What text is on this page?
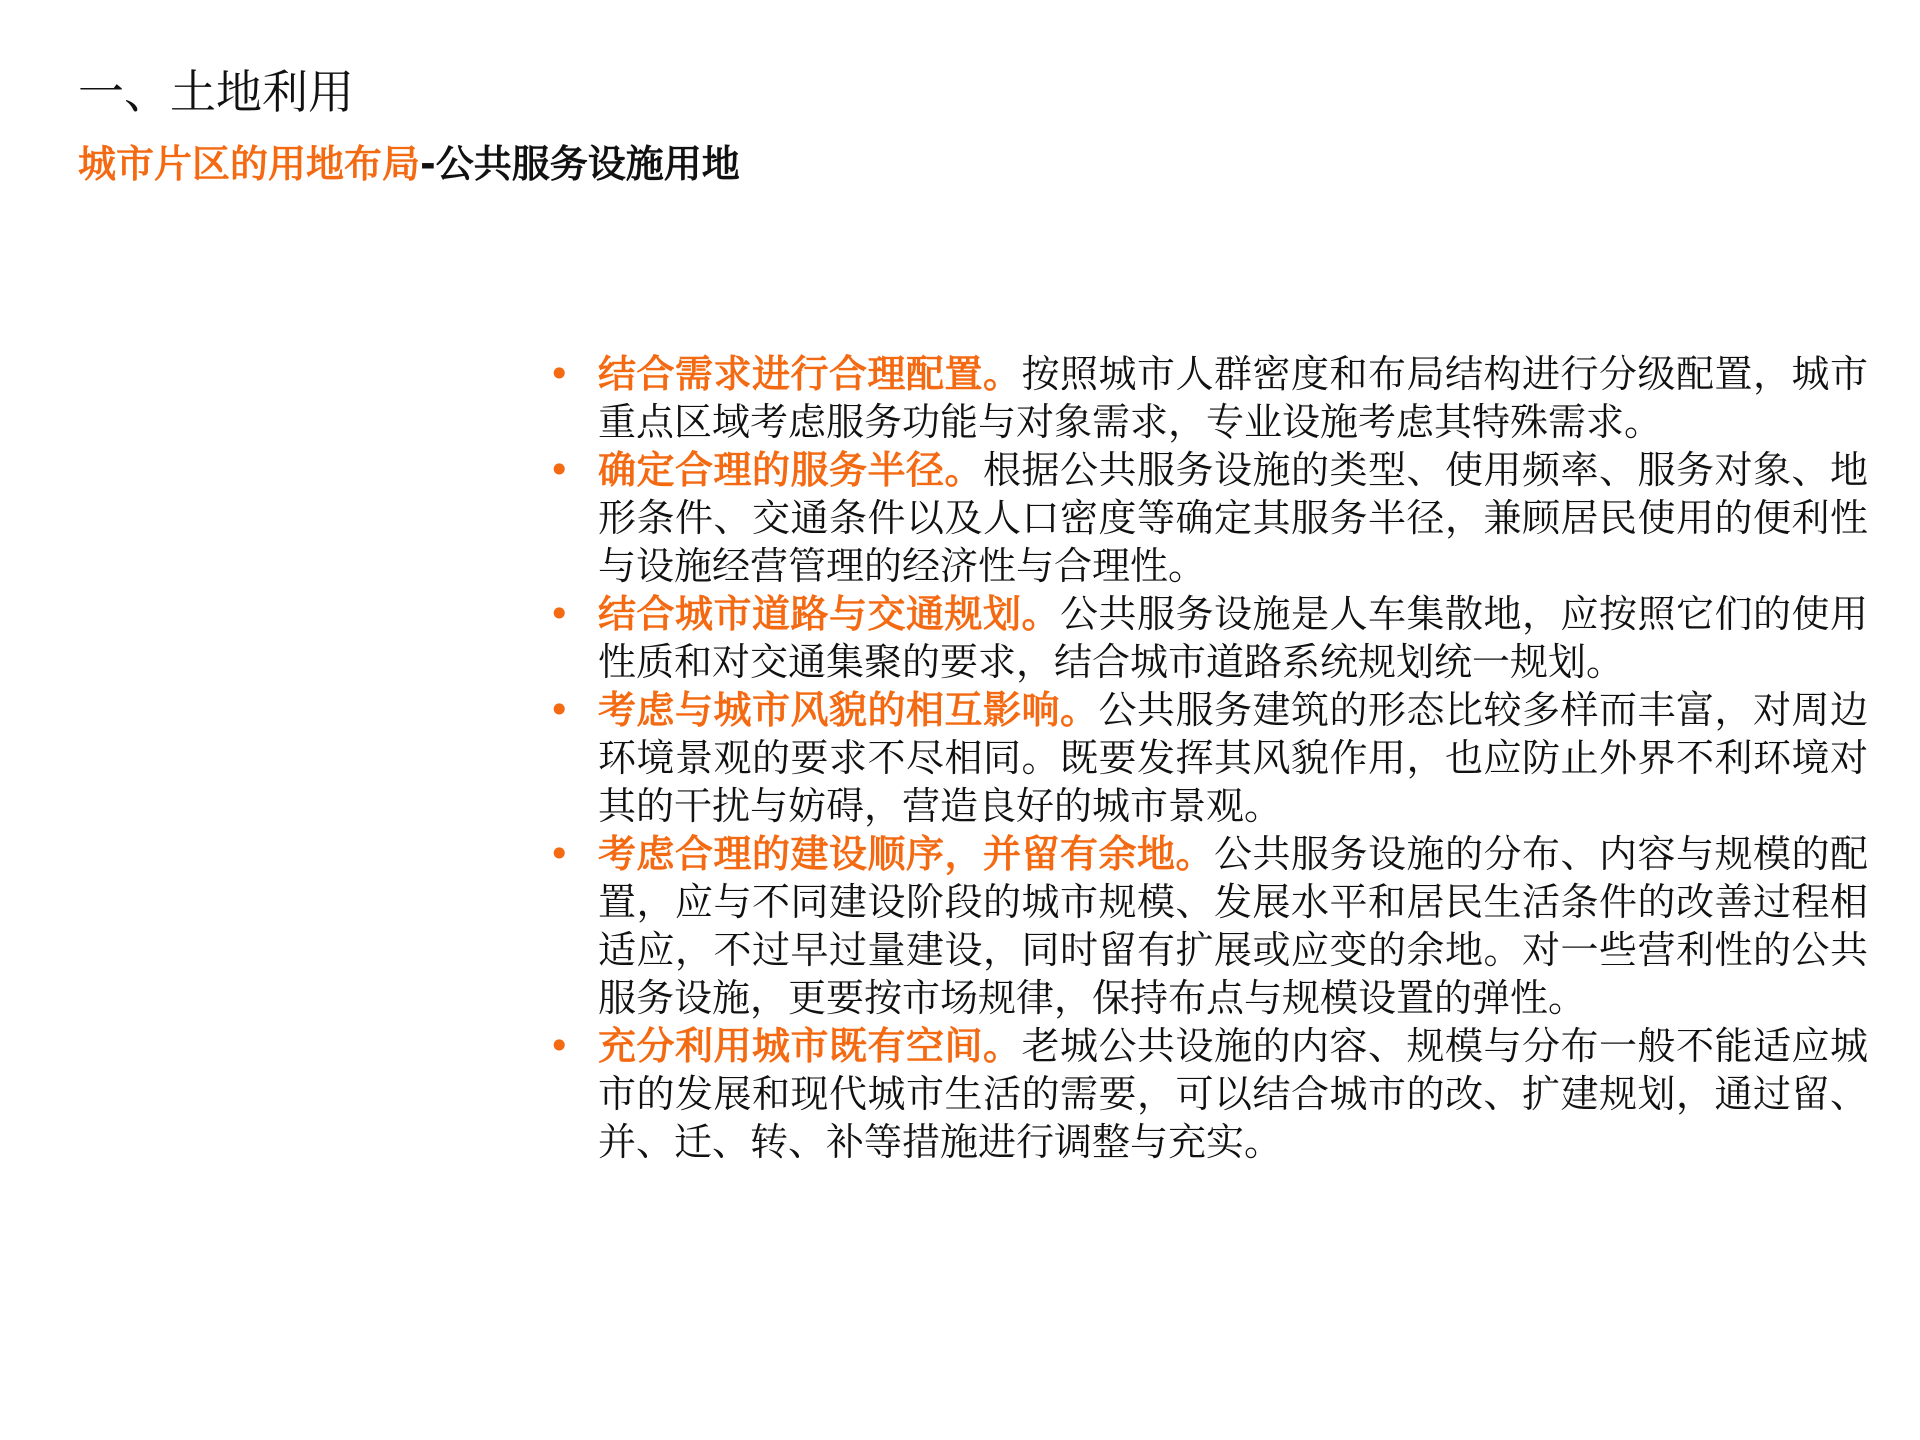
一、土地利用
城市片区的用地布局-公共服务设施用地
• 结合需求进行合理配置。按照城市人群密度和布局结构进行分级配置，城市重点区域考虑服务功能与对象需求，专业设施考虑其特殊需求。
• 确定合理的服务半径。根据公共服务设施的类型、使用频率、服务对象、地形条件、交通条件以及人口密度等确定其服务半径，兼顾居民使用的便利性与设施经营管理的经济性与合理性。
• 结合城市道路与交通规划。公共服务设施是人车集散地，应按照它们的使用性质和对交通集聚的要求，结合城市道路系统规划统一规划。
• 考虑与城市风貌的相互影响。公共服务建筑的形态比较多样而丰富，对周边环境景观的要求不尽相同。既要发挥其风貌作用，也应防止外界不利环境对其的干扰与妨碍，营造良好的城市景观。
• 考虑合理的建设顺序，并留有余地。公共服务设施的分布、内容与规模的配置，应与不同建设阶段的城市规模、发展水平和居民生活条件的改善过程相适应，不过早过量建设，同时留有扩展或应变的余地。对一些营利性的公共服务设施，更要按市场规律，保持布点与规模设置的弹性。
• 充分利用城市既有空间。老城公共设施的内容、规模与分布一般不能适应城市的发展和现代城市生活的需要，可以结合城市的改、扩建规划，通过留、并、迁、转、补等措施进行调整与充实。
